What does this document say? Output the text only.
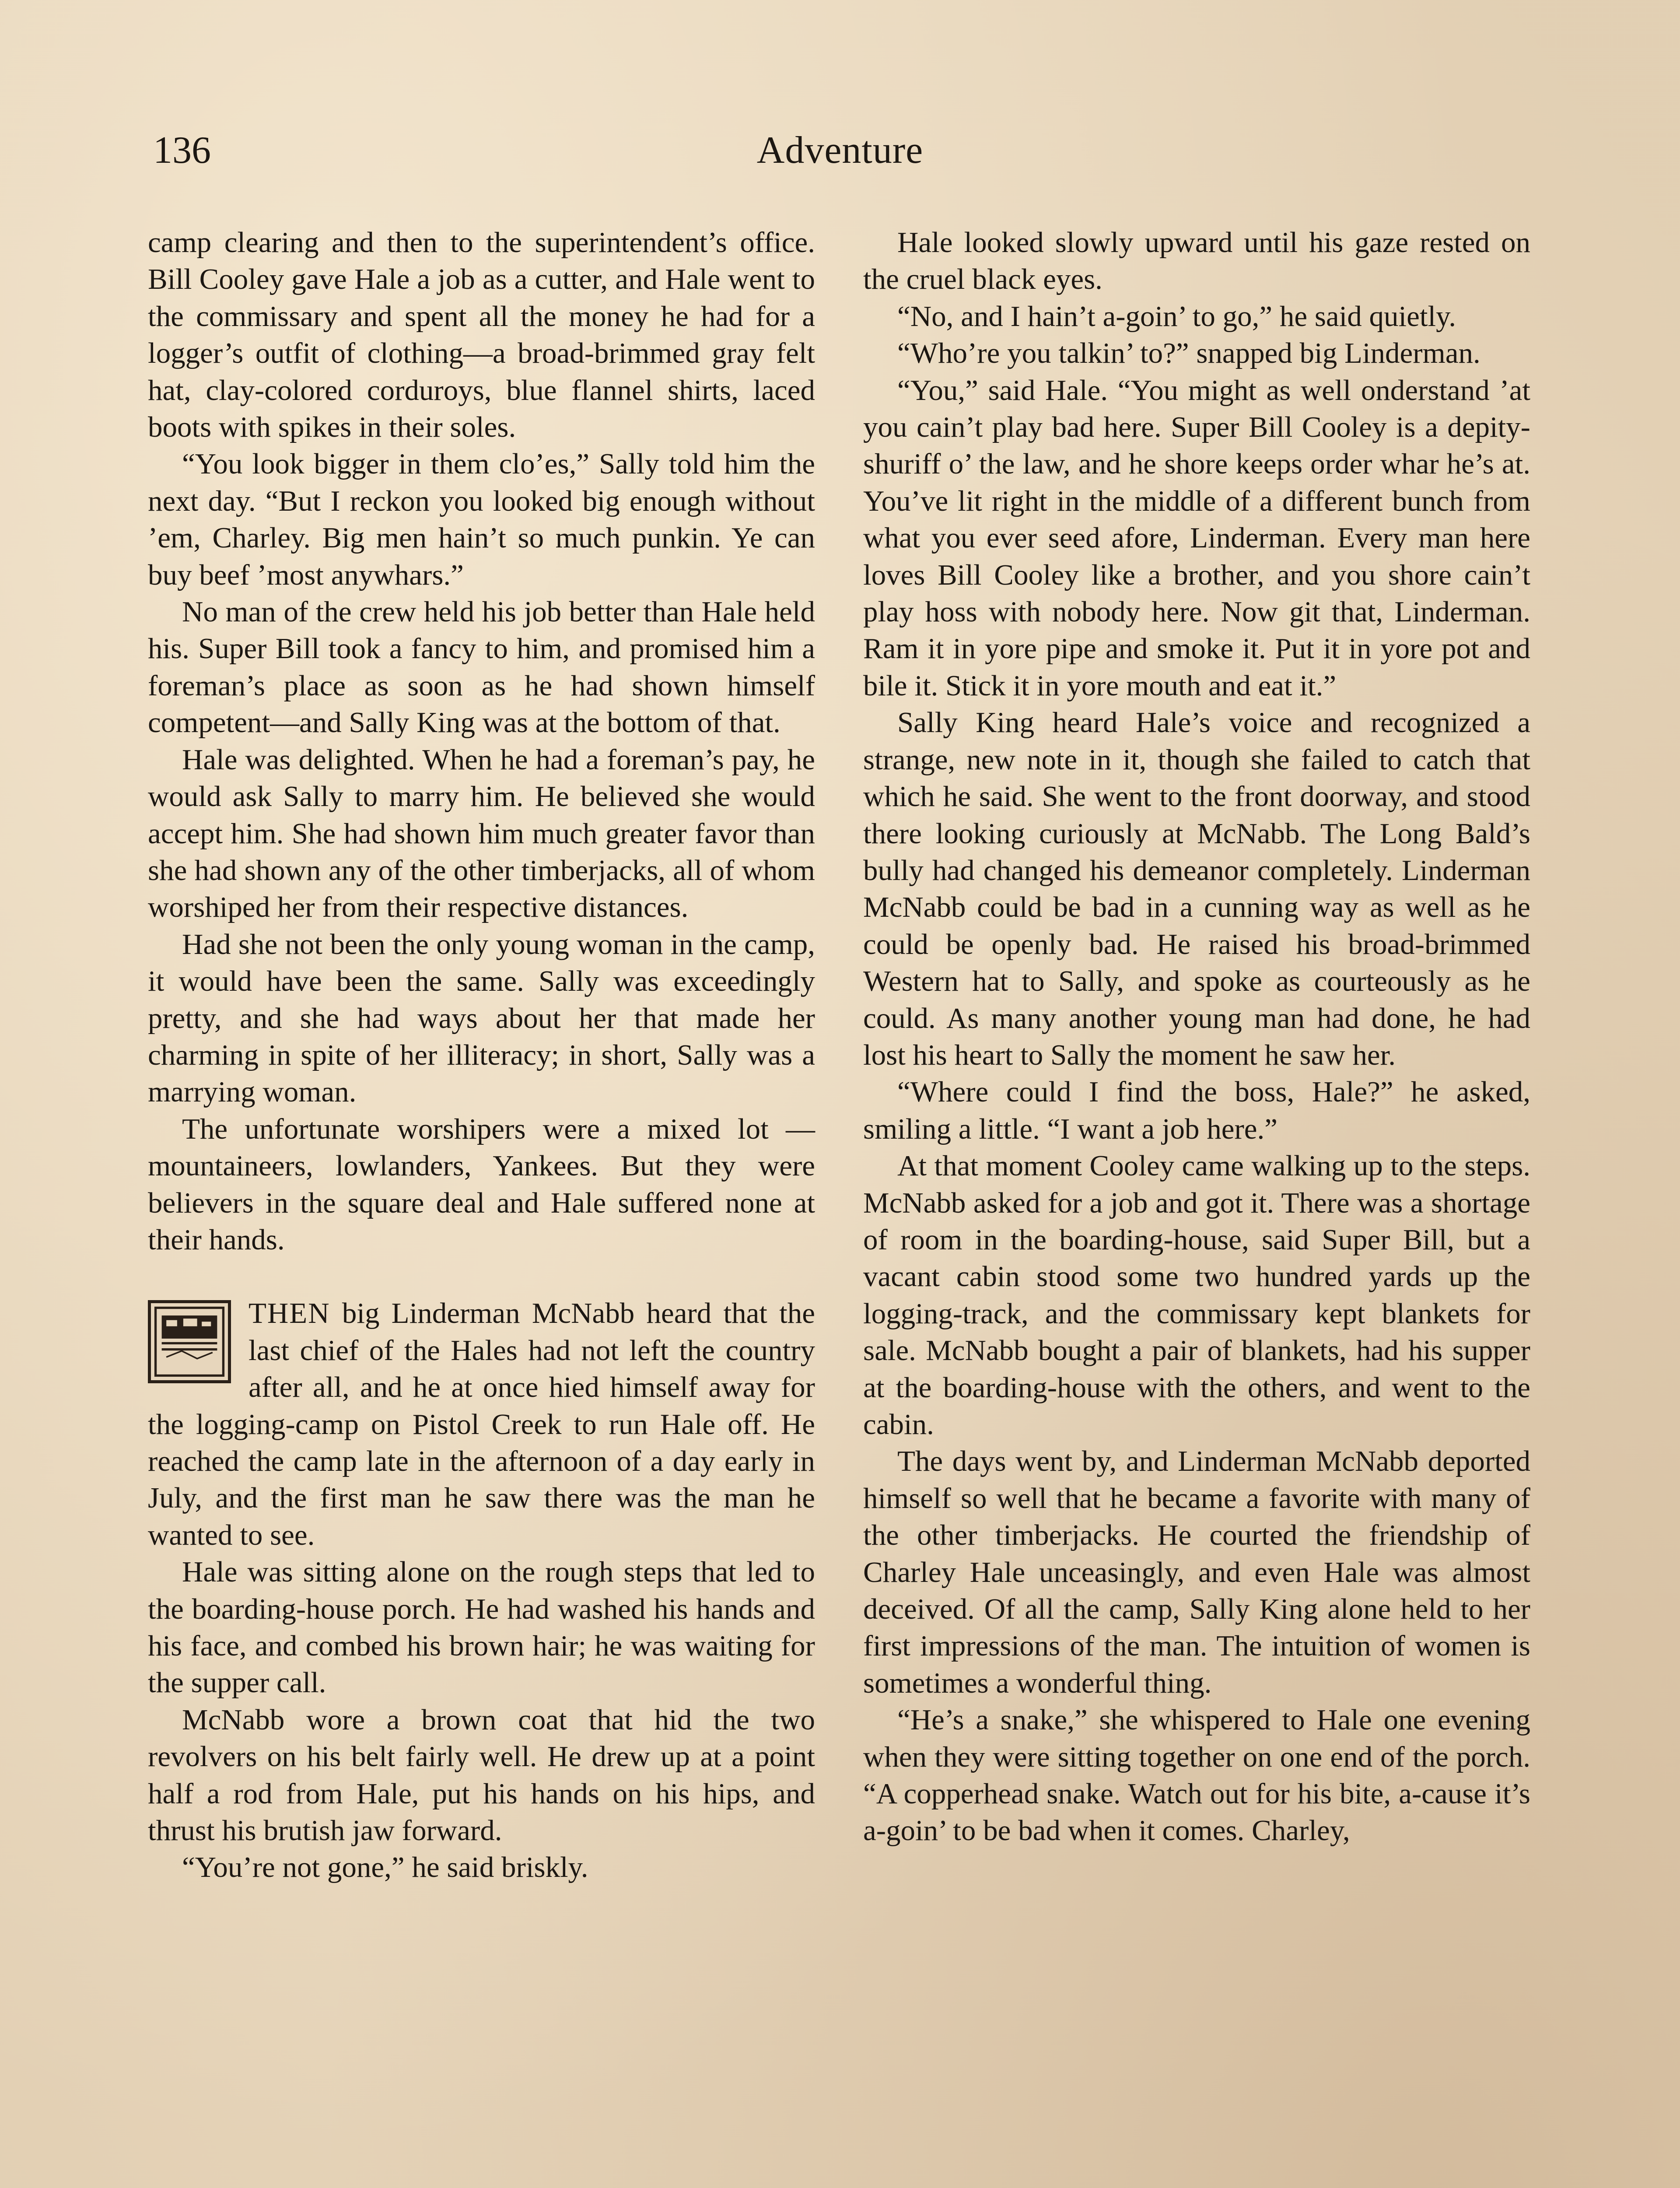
136	Adventure

camp clearing and then to the superintendent’s office. Bill Cooley gave Hale a job as a cutter, and Hale went to the commissary and spent all the money he had for a logger’s outfit of clothing—a broad-brimmed gray felt hat, clay-colored corduroys, blue flannel shirts, laced boots with spikes in their soles.

“You look bigger in them clo’es,” Sally told him the next day. “But I reckon you looked big enough without ’em, Charley. Big men hain’t so much punkin. Ye can buy beef ’most anywhars.”

No man of the crew held his job better than Hale held his. Super Bill took a fancy to him, and promised him a foreman’s place as soon as he had shown himself competent—and Sally King was at the bottom of that.

Hale was delighted. When he had a foreman’s pay, he would ask Sally to marry him. He believed she would accept him. She had shown him much greater favor than she had shown any of the other timberjacks, all of whom worshiped her from their respective distances.

Had she not been the only young woman in the camp, it would have been the same. Sally was exceedingly pretty, and she had ways about her that made her charming in spite of her illiteracy; in short, Sally was a marrying woman.

The unfortunate worshipers were a mixed lot — mountaineers, lowlanders, Yankees. But they were believers in the square deal and Hale suffered none at their hands.

THEN big Linderman McNabb heard that the last chief of the Hales had not left the country after all, and he at once hied himself away for the logging-camp on Pistol Creek to run Hale off. He reached the camp late in the afternoon of a day early in July, and the first man he saw there was the man he wanted to see.

Hale was sitting alone on the rough steps that led to the boarding-house porch. He had washed his hands and his face, and combed his brown hair; he was waiting for the supper call.

McNabb wore a brown coat that hid the two revolvers on his belt fairly well. He drew up at a point half a rod from Hale, put his hands on his hips, and thrust his brutish jaw forward.

“You’re not gone,” he said briskly.

Hale looked slowly upward until his gaze rested on the cruel black eyes.

“No, and I hain’t a-goin’ to go,” he said quietly.

“Who’re you talkin’ to?” snapped big Linderman.

“You,” said Hale. “You might as well onderstand ’at you cain’t play bad here. Super Bill Cooley is a depity-shuriff o’ the law, and he shore keeps order whar he’s at. You’ve lit right in the middle of a different bunch from what you ever seed afore, Linderman. Every man here loves Bill Cooley like a brother, and you shore cain’t play hoss with nobody here. Now git that, Linderman. Ram it in yore pipe and smoke it. Put it in yore pot and bile it. Stick it in yore mouth and eat it.”

Sally King heard Hale’s voice and recognized a strange, new note in it, though she failed to catch that which he said. She went to the front doorway, and stood there looking curiously at McNabb. The Long Bald’s bully had changed his demeanor completely. Linderman McNabb could be bad in a cunning way as well as he could be openly bad. He raised his broad-brimmed Western hat to Sally, and spoke as courteously as he could. As many another young man had done, he had lost his heart to Sally the moment he saw her.

“Where could I find the boss, Hale?” he asked, smiling a little. “I want a job here.”

At that moment Cooley came walking up to the steps. McNabb asked for a job and got it. There was a shortage of room in the boarding-house, said Super Bill, but a vacant cabin stood some two hundred yards up the logging-track, and the commissary kept blankets for sale. McNabb bought a pair of blankets, had his supper at the boarding-house with the others, and went to the cabin.

The days went by, and Linderman McNabb deported himself so well that he became a favorite with many of the other timberjacks. He courted the friendship of Charley Hale unceasingly, and even Hale was almost deceived. Of all the camp, Sally King alone held to her first impressions of the man. The intuition of women is sometimes a wonderful thing.

“He’s a snake,” she whispered to Hale one evening when they were sitting together on one end of the porch. “A copperhead snake. Watch out for his bite, a-cause it’s a-goin’ to be bad when it comes. Charley,
